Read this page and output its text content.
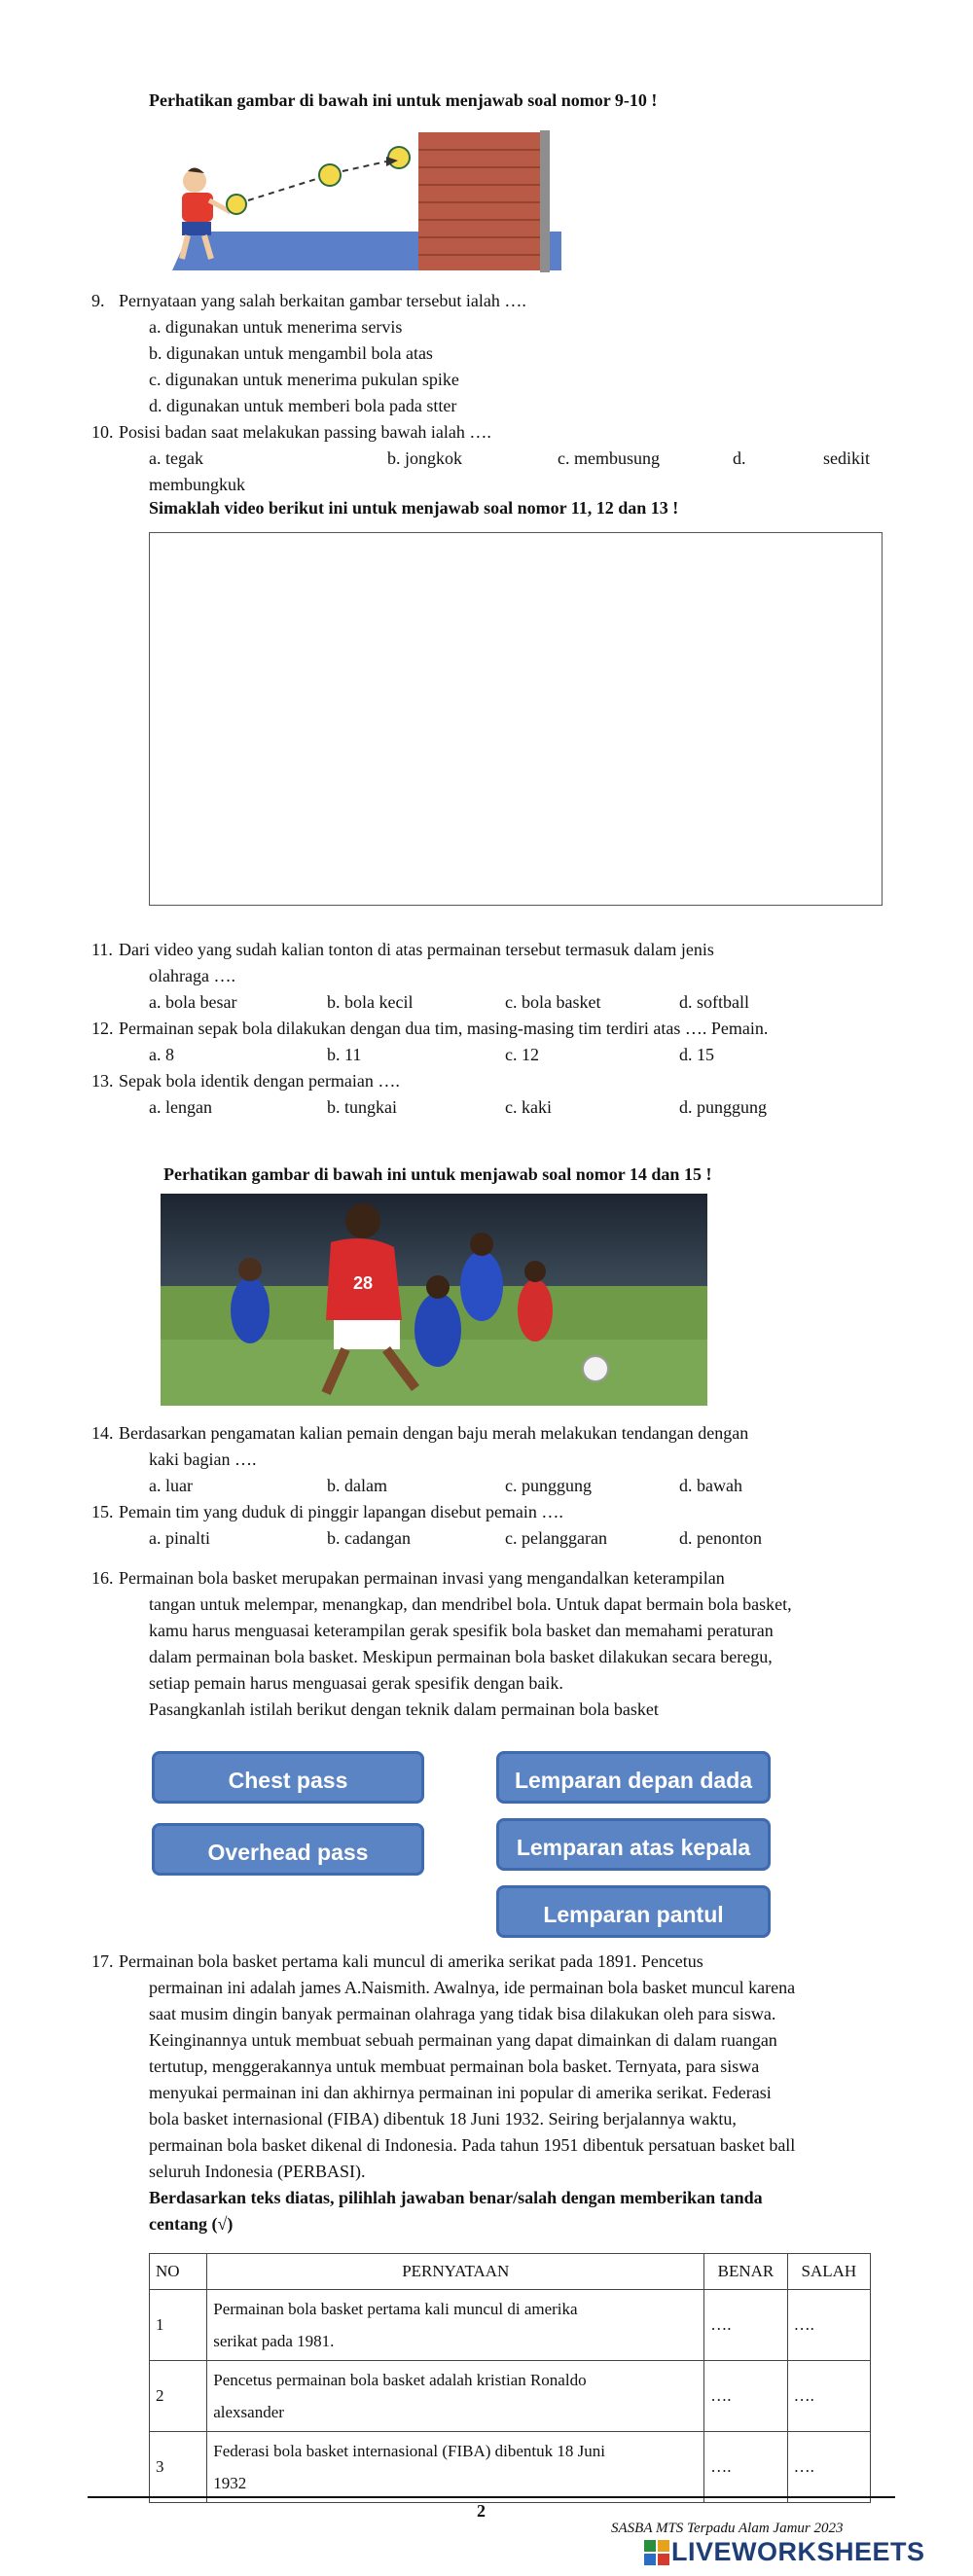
Perhatikan gambar di bawah ini untuk menjawab soal nomor 9-10 !
9. Pernyataan yang salah berkaitan gambar tersebut ialah ….
a. digunakan untuk menerima servis
b. digunakan untuk mengambil bola atas
c. digunakan untuk menerima pukulan spike
d. digunakan untuk memberi bola pada stter
10. Posisi badan saat melakukan passing bawah ialah ….
a. tegak	b. jongkok	c. membusung	d.	sedikit
membungkuk
Simaklah video berikut ini untuk menjawab soal nomor 11, 12 dan 13 !
11. Dari video yang sudah kalian tonton di atas permainan tersebut termasuk dalam jenis
olahraga ….
a. bola besar	b. bola kecil	c. bola basket	d. softball
12. Permainan sepak bola dilakukan dengan dua tim, masing-masing tim terdiri atas …. Pemain.
a. 8	b. 11	c. 12	d. 15
13. Sepak bola identik dengan permaian ….
a. lengan	b. tungkai	c. kaki	d. punggung
Perhatikan gambar di bawah ini untuk menjawab soal nomor 14 dan 15 !
28
14. Berdasarkan pengamatan kalian pemain dengan baju merah melakukan tendangan dengan
kaki bagian ….
a. luar	b. dalam	c. punggung	d. bawah
15. Pemain tim yang duduk di pinggir lapangan disebut pemain ….
a. pinalti	b. cadangan	c. pelanggaran	d. penonton
16. Permainan bola basket merupakan permainan invasi yang mengandalkan keterampilan
tangan untuk melempar, menangkap, dan mendribel bola. Untuk dapat bermain bola basket,
kamu harus menguasai keterampilan gerak spesifik bola basket dan memahami peraturan
dalam permainan bola basket. Meskipun permainan bola basket dilakukan secara beregu,
setiap pemain harus menguasai gerak spesifik dengan baik.
Pasangkanlah istilah berikut dengan teknik dalam permainan bola basket
Chest pass
Overhead pass
Lemparan depan dada
Lemparan atas kepala
Lemparan pantul
17. Permainan bola basket pertama kali muncul di amerika serikat pada 1891. Pencetus
permainan ini adalah james A.Naismith. Awalnya, ide permainan bola basket muncul karena
saat musim dingin banyak permainan olahraga yang tidak bisa dilakukan oleh para siswa.
Keinginannya untuk membuat sebuah permainan yang dapat dimainkan di dalam ruangan
tertutup, menggerakannya untuk membuat permainan bola basket. Ternyata, para siswa
menyukai permainan ini dan akhirnya permainan ini popular di amerika serikat. Federasi
bola basket internasional (FIBA) dibentuk 18 Juni 1932. Seiring berjalannya waktu,
permainan bola basket dikenal di Indonesia. Pada tahun 1951 dibentuk persatuan basket ball
seluruh Indonesia (PERBASI).
Berdasarkan teks diatas, pilihlah jawaban benar/salah dengan memberikan tanda
centang (√)
NO	PERNYATAAN	BENAR	SALAH
1	Permainan bola basket pertama kali muncul di amerika
serikat pada 1981.	….	….
2	Pencetus permainan bola basket adalah kristian Ronaldo
alexsander	….	….
3	Federasi bola basket internasional (FIBA) dibentuk 18 Juni
1932	….	….
2
SASBA MTS Terpadu Alam Jamur 2023
LIVEWORKSHEETS
